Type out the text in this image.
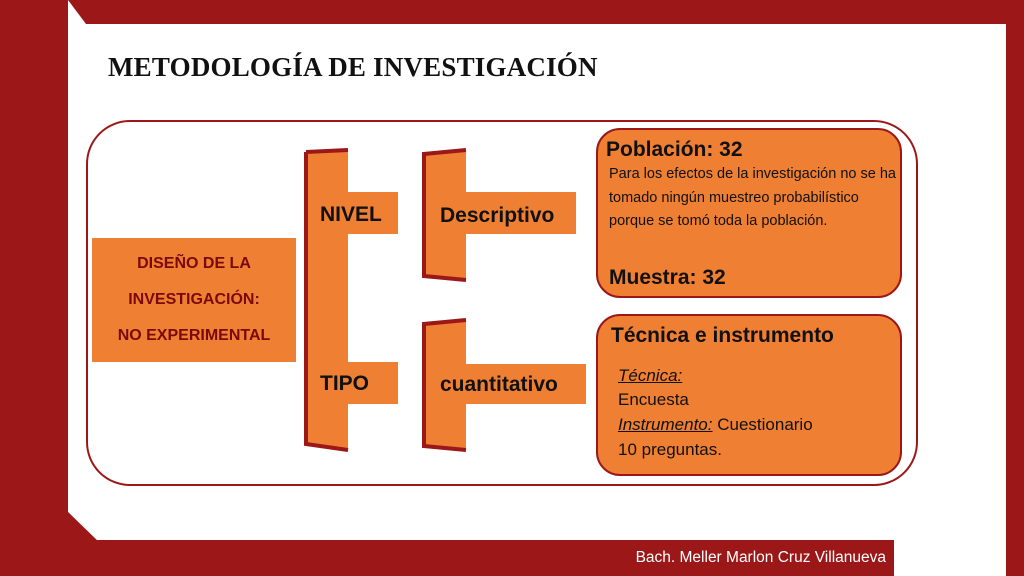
METODOLOGÍA DE INVESTIGACIÓN
DISEÑO DE LA
INVESTIGACIÓN:
NO EXPERIMENTAL
NIVEL
TIPO
Descriptivo
cuantitativo
Población: 32
Para los efectos de la investigación no se ha tomado ningún muestreo probabilístico porque se tomó toda la población.
Muestra: 32
Técnica e instrumento
Técnica:
Encuesta
Instrumento: Cuestionario
10 preguntas.
Bach. Meller Marlon Cruz Villanueva
